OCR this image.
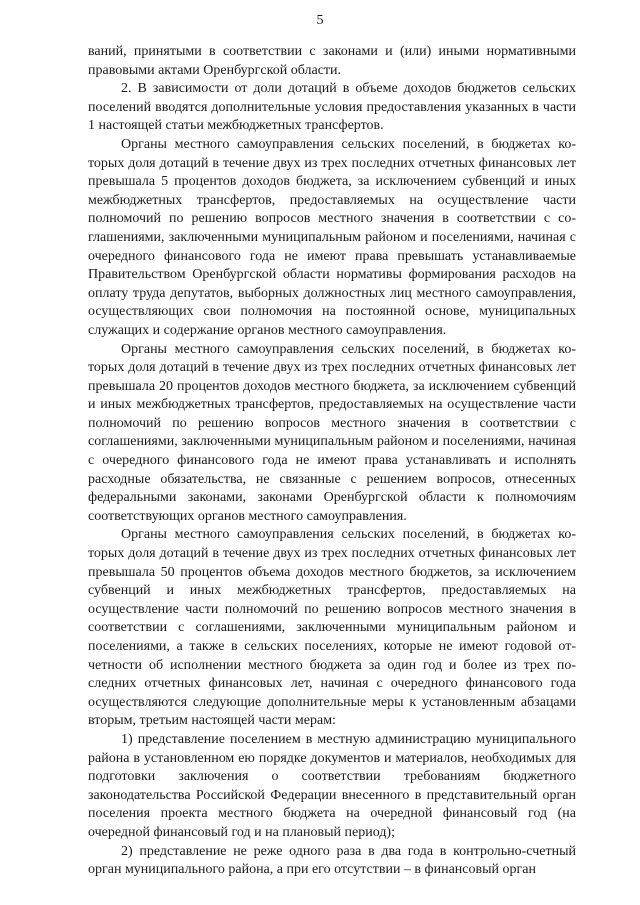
5

ваний, принятыми в соответствии с законами и (или) иными нормативными правовыми актами Оренбургской области.

2. В зависимости от доли дотаций в объеме доходов бюджетов сельских поселений вводятся дополнительные условия предоставления указанных в части 1 настоящей статьи межбюджетных трансфертов.

Органы местного самоуправления сельских поселений, в бюджетах которых доля дотаций в течение двух из трех последних отчетных финансовых лет превышала 5 процентов доходов бюджета, за исключением субвенций и иных межбюджетных трансфертов, предоставляемых на осуществление части полномочий по решению вопросов местного значения в соответствии с соглашениями, заключенными муниципальным районом и поселениями, начиная с очередного финансового года не имеют права превышать устанавливаемые Правительством Оренбургской области нормативы формирования расходов на оплату труда депутатов, выборных должностных лиц местного самоуправления, осуществляющих свои полномочия на постоянной основе, муниципальных служащих и содержание органов местного самоуправления.

Органы местного самоуправления сельских поселений, в бюджетах которых доля дотаций в течение двух из трех последних отчетных финансовых лет превышала 20 процентов доходов местного бюджета, за исключением субвенций и иных межбюджетных трансфертов, предоставляемых на осуществление части полномочий по решению вопросов местного значения в соответствии с соглашениями, заключенными муниципальным районом и поселениями, начиная с очередного финансового года не имеют права устанавливать и исполнять расходные обязательства, не связанные с решением вопросов, отнесенных федеральными законами, законами Оренбургской области к полномочиям соответствующих органов местного самоуправления.

Органы местного самоуправления сельских поселений, в бюджетах которых доля дотаций в течение двух из трех последних отчетных финансовых лет превышала 50 процентов объема доходов местного бюджетов, за исключением субвенций и иных межбюджетных трансфертов, предоставляемых на осуществление части полномочий по решению вопросов местного значения в соответствии с соглашениями, заключенными муниципальным районом и поселениями, а также в сельских поселениях, которые не имеют годовой отчетности об исполнении местного бюджета за один год и более из трех последних отчетных финансовых лет, начиная с очередного финансового года осуществляются следующие дополнительные меры к установленным абзацами вторым, третьим настоящей части мерам:

1) представление поселением в местную администрацию муниципального района в установленном ею порядке документов и материалов, необходимых для подготовки заключения о соответствии требованиям бюджетного законодательства Российской Федерации внесенного в представительный орган поселения проекта местного бюджета на очередной финансовый год (на очередной финансовый год и на плановый период);

2) представление не реже одного раза в два года в контрольно-счетный орган муниципального района, а при его отсутствии – в финансовый орган
